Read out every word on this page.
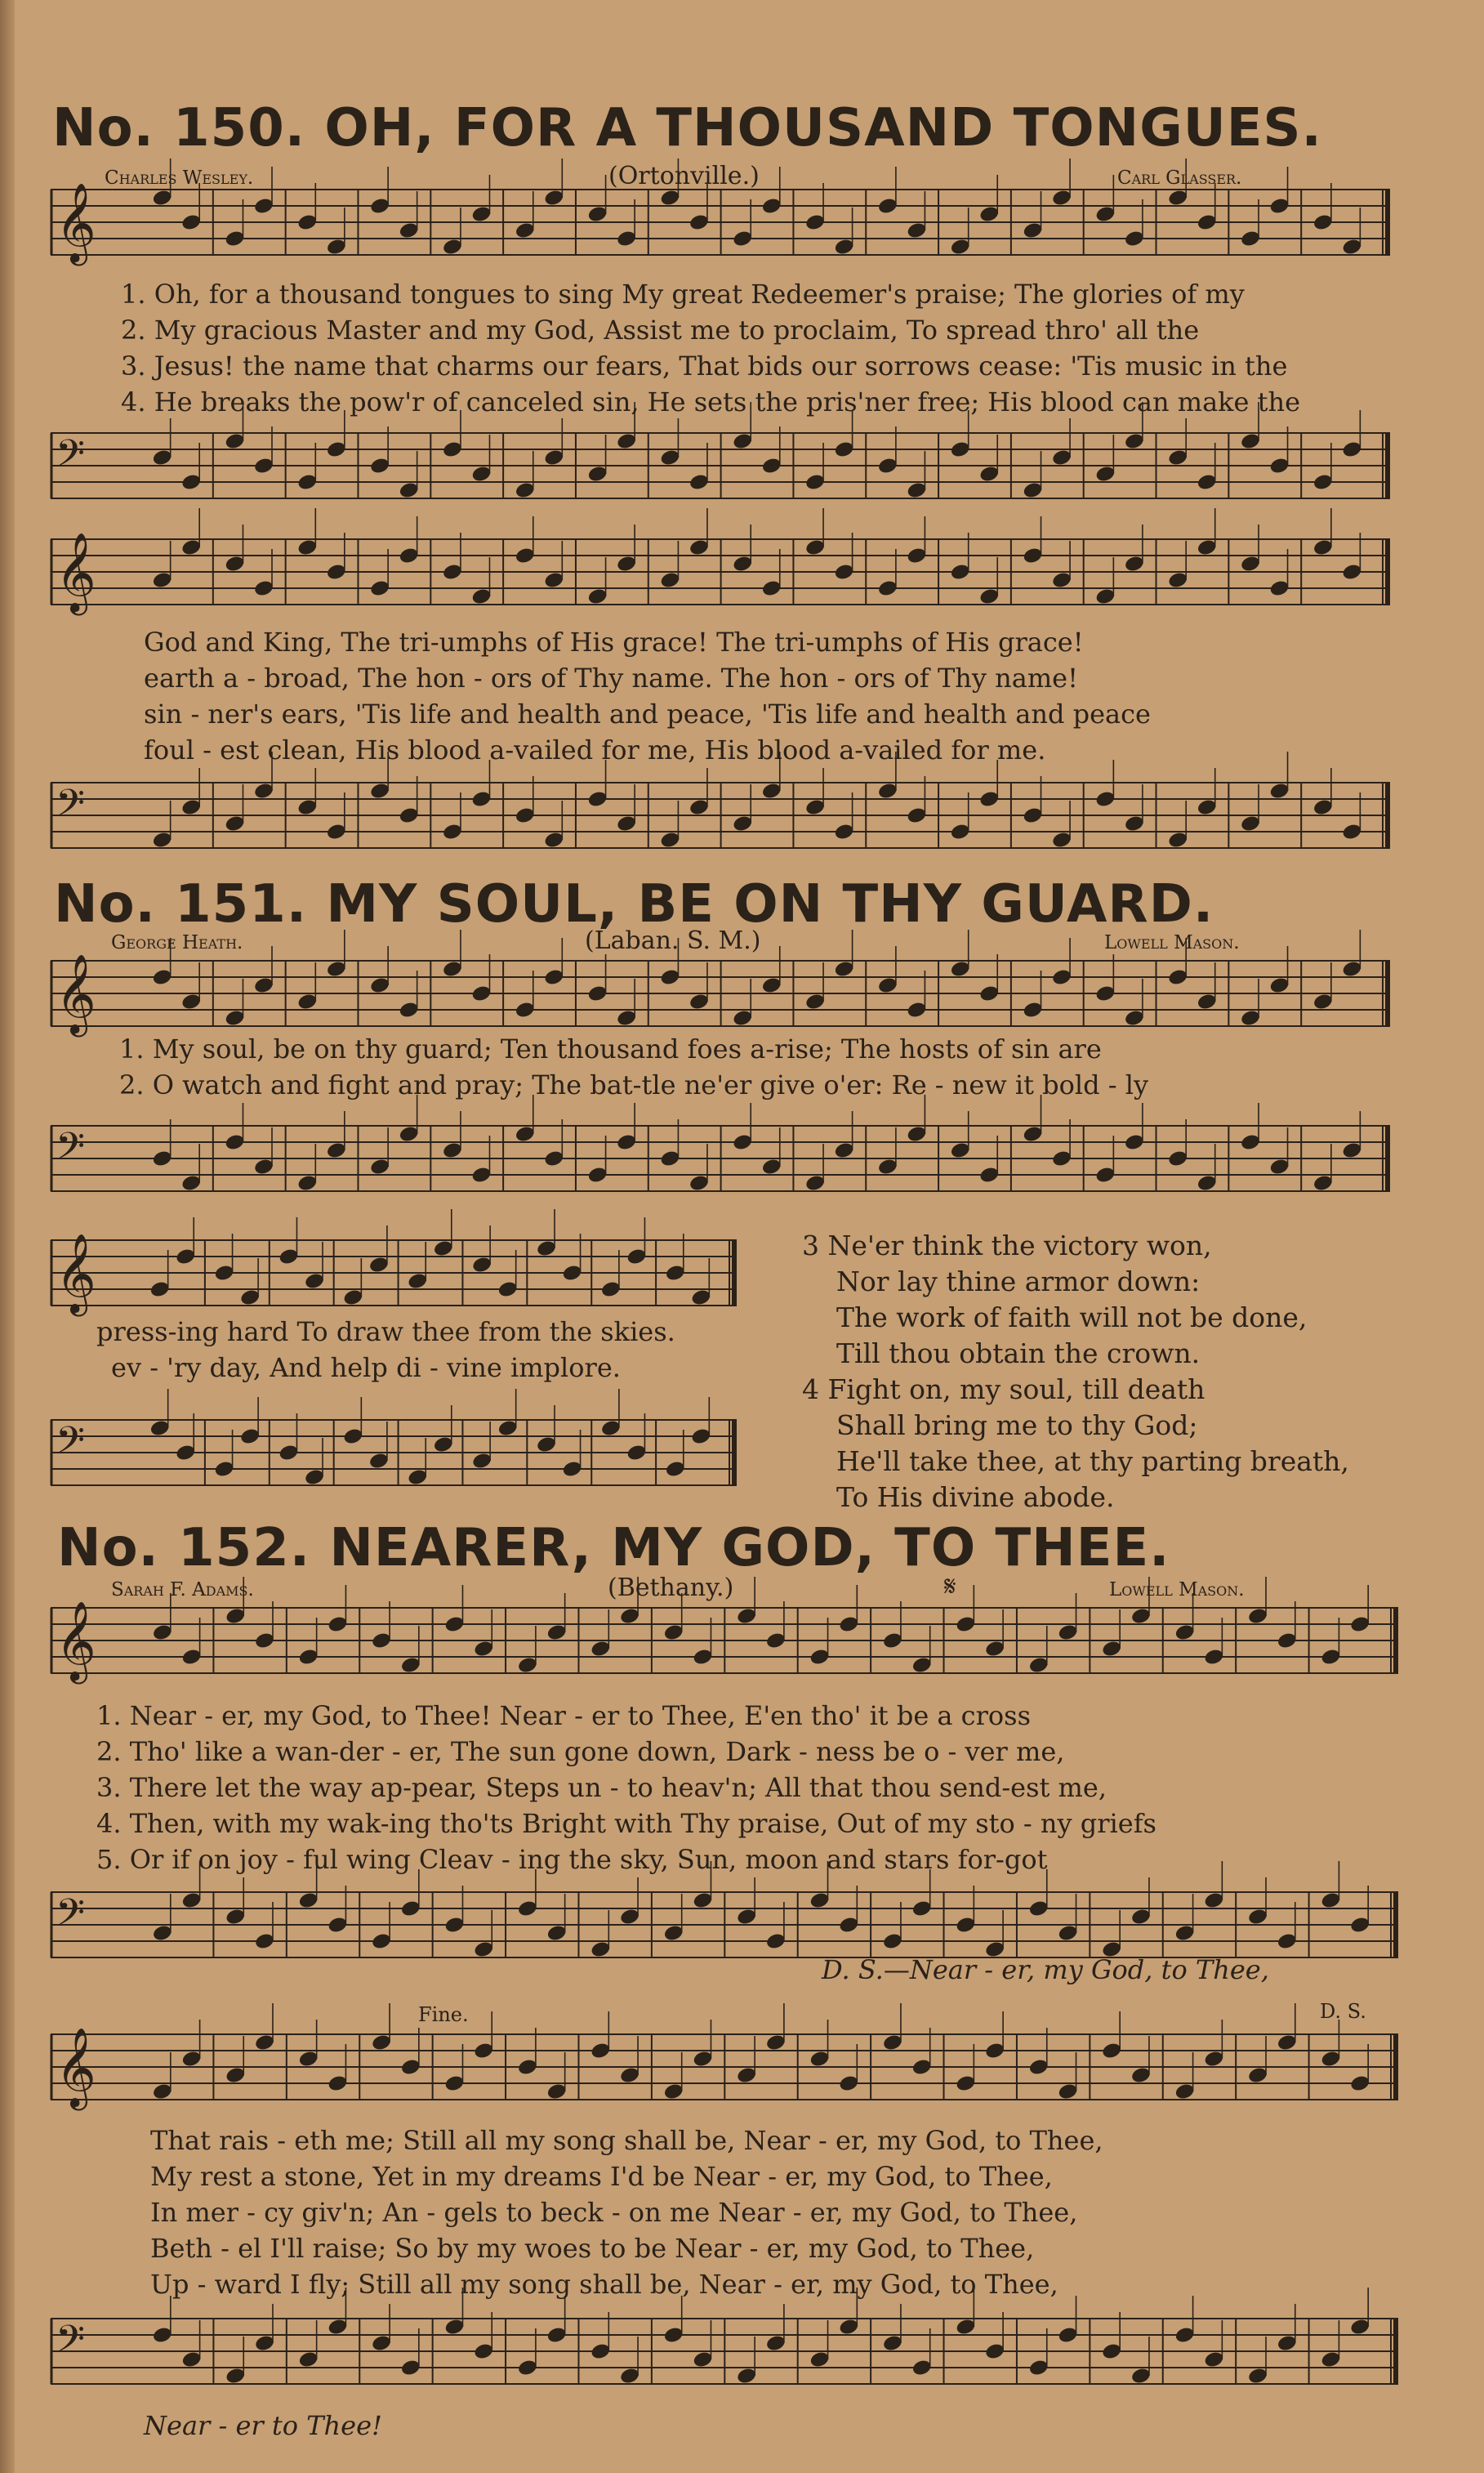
No. 150. OH, FOR A THOUSAND TONGUES.
Charles Wesley.	(Ortonville.)	Carl Glasser.
𝄞
1. Oh, for a thousand tongues to sing My great Redeemer's praise; The glories of my
2. My gracious Master and my God, Assist me to proclaim, To spread thro' all the
3. Jesus! the name that charms our fears, That bids our sorrows cease: 'Tis music in the
4. He breaks the pow'r of canceled sin, He sets the pris'ner free; His blood can make the
𝄢
𝄞
God and King, The tri-umphs of His grace! The tri-umphs of His grace!
earth a - broad, The hon - ors of Thy name. The hon - ors of Thy name!
sin - ner's ears, 'Tis life and health and peace, 'Tis life and health and peace
foul - est clean, His blood a-vailed for me, His blood a-vailed for me.
𝄢
No. 151. MY SOUL, BE ON THY GUARD.
George Heath.	(Laban. S. M.)	Lowell Mason.
𝄞
1. My soul, be on thy guard; Ten thousand foes a-rise; The hosts of sin are
2. O watch and fight and pray; The bat-tle ne'er give o'er: Re - new it bold - ly
𝄢
𝄞
press-ing hard To draw thee from the skies.
ev - 'ry day, And help di - vine implore.
𝄢
3 Ne'er think the victory won,
Nor lay thine armor down:
The work of faith will not be done,
Till thou obtain the crown.
4 Fight on, my soul, till death
Shall bring me to thy God;
He'll take thee, at thy parting breath,
To His divine abode.
No. 152. NEARER, MY GOD, TO THEE.
Sarah F. Adams.	(Bethany.)	𝄋	Lowell Mason.
𝄞
1. Near - er, my God, to Thee! Near - er to Thee, E'en tho' it be a cross
2. Tho' like a wan-der - er, The sun gone down, Dark - ness be o - ver me,
3. There let the way ap-pear, Steps un - to heav'n; All that thou send-est me,
4. Then, with my wak-ing tho'ts Bright with Thy praise, Out of my sto - ny griefs
5. Or if on joy - ful wing Cleav - ing the sky, Sun, moon and stars for-got
𝄢
D. S.—Near - er, my God, to Thee,
Fine.	D. S.
𝄞
That rais - eth me; Still all my song shall be, Near - er, my God, to Thee,
My rest a stone, Yet in my dreams I'd be Near - er, my God, to Thee,
In mer - cy giv'n; An - gels to beck - on me Near - er, my God, to Thee,
Beth - el I'll raise; So by my woes to be Near - er, my God, to Thee,
Up - ward I fly; Still all my song shall be, Near - er, my God, to Thee,
𝄢
Near - er to Thee!
